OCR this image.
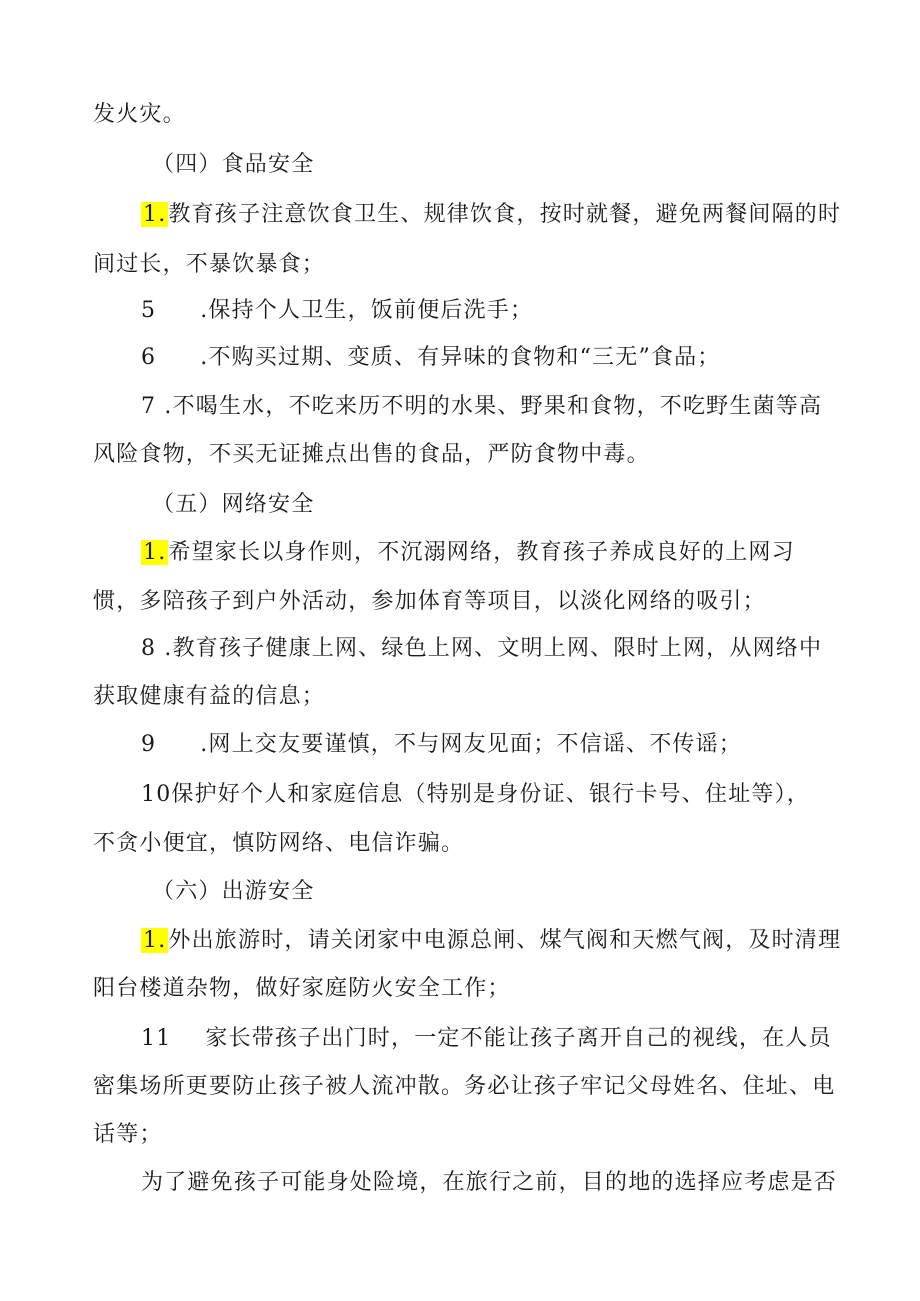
发火灾。
（四）食品安全
1.教育孩子注意饮食卫生、规律饮食，按时就餐，避免两餐间隔的时
间过长，不暴饮暴食；
5 .保持个人卫生，饭前便后洗手；
6 .不购买过期、变质、有异味的食物和“三无”食品；
7 .不喝生水，不吃来历不明的水果、野果和食物，不吃野生菌等高
风险食物，不买无证摊点出售的食品，严防食物中毒。
（五）网络安全
1.希望家长以身作则，不沉溺网络，教育孩子养成良好的上网习
惯，多陪孩子到户外活动，参加体育等项目，以淡化网络的吸引；
8 .教育孩子健康上网、绿色上网、文明上网、限时上网，从网络中
获取健康有益的信息；
9 .网上交友要谨慎，不与网友见面；不信谣、不传谣；
10保护好个人和家庭信息（特别是身份证、银行卡号、住址等），
不贪小便宜，慎防网络、电信诈骗。
（六）出游安全
1.外出旅游时，请关闭家中电源总闸、煤气阀和天燃气阀，及时清理
阳台楼道杂物，做好家庭防火安全工作；
11 家长带孩子出门时，一定不能让孩子离开自己的视线，在人员
密集场所更要防止孩子被人流冲散。务必让孩子牢记父母姓名、住址、电
话等；
为了避免孩子可能身处险境，在旅行之前，目的地的选择应考虑是否
